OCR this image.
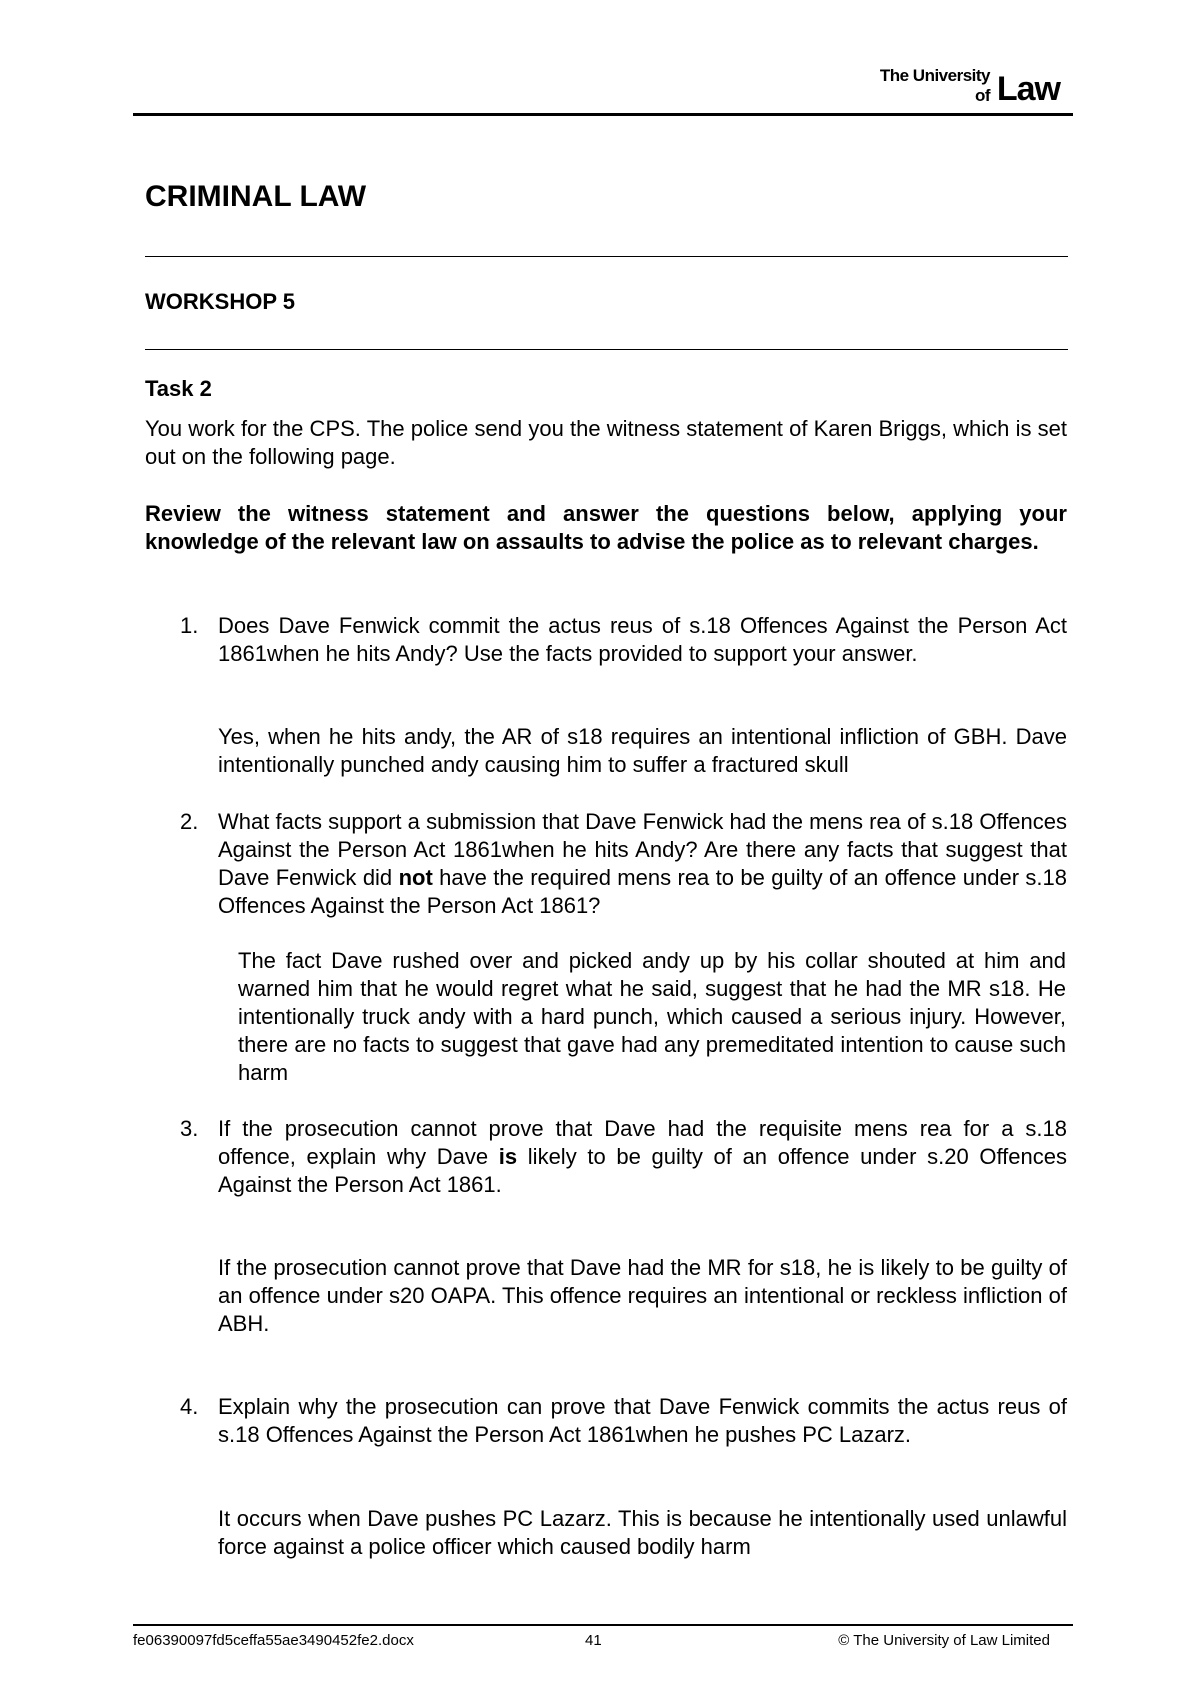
The University Law
of
CRIMINAL LAW
WORKSHOP 5
Task 2
You work for the CPS. The police send you the witness statement of Karen Briggs, which is set out on the following page.
Review the witness statement and answer the questions below, applying your knowledge of the relevant law on assaults to advise the police as to relevant charges.
1. Does Dave Fenwick commit the actus reus of s.18 Offences Against the Person Act 1861when he hits Andy? Use the facts provided to support your answer.
Yes, when he hits andy, the AR of s18 requires an intentional infliction of GBH. Dave intentionally punched andy causing him to suffer a fractured skull
2. What facts support a submission that Dave Fenwick had the mens rea of s.18 Offences Against the Person Act 1861when he hits Andy? Are there any facts that suggest that Dave Fenwick did not have the required mens rea to be guilty of an offence under s.18 Offences Against the Person Act 1861?
The fact Dave rushed over and picked andy up by his collar shouted at him and warned him that he would regret what he said, suggest that he had the MR s18. He intentionally truck andy with a hard punch, which caused a serious injury. However, there are no facts to suggest that gave had any premeditated intention to cause such harm
3. If the prosecution cannot prove that Dave had the requisite mens rea for a s.18 offence, explain why Dave is likely to be guilty of an offence under s.20 Offences Against the Person Act 1861.
If the prosecution cannot prove that Dave had the MR for s18, he is likely to be guilty of an offence under s20 OAPA. This offence requires an intentional or reckless infliction of ABH.
4. Explain why the prosecution can prove that Dave Fenwick commits the actus reus of s.18 Offences Against the Person Act 1861when he pushes PC Lazarz.
It occurs when Dave pushes PC Lazarz. This is because he intentionally used unlawful force against a police officer which caused bodily harm
fe06390097fd5ceffa55ae3490452fe2.docx	41	© The University of Law Limited
